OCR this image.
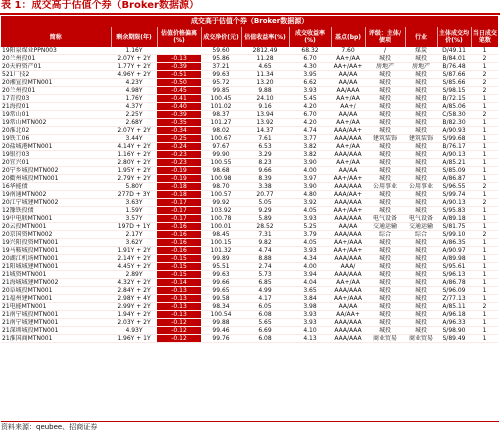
表 1：成交高于估值个券（Broker数据源）
成交高于估值个券（Broker数据源）										
简称	剩余期限(年)	估值价格偏离(%)	成交净价(元)	估值收益率(%)	成交收益率(%)	基点(bp)	评级：主体/债项	行业	主体成交均价(%)	当日成交笔数
19阳泉煤业PPN003	1.16Y		59.60	2812.49	68.32	7.60	/	煤炭	D/49.11	1
20兰州投01	2.07Y + 2Y	-0.13	95.86	11.28	6.70	AA+/AA	城投	城投	B/84.01	2
20天府资产01	1.77Y + 2Y	-0.39	37.21	4.65	4.30	AA+/AA+	房地产	房地产	B/76.48	1
521厂技2	4.96Y + 2Y	-0.51	99.63	11.34	3.95	AA/AA	城投	城投	S/87.66	2
20湘宣投MTN001	4.23Y	-0.50	95.72	13.20	6.62	AA/AA	城投	城投	S/85.66	2
20兰州投01	4.98Y	-0.45	99.85	9.88	3.93	AA/AAA	城投	城投	S/98.15	2
17青投03	1.76Y	-0.41	100.45	24.10	5.45	AA+/AA	城投	城投	B/72.15	1
21海投01	4.37Y	-0.40	101.02	9.16	4.20	AA+/	城投	城投	A/85.06	1
19常山01	2.25Y	-0.39	98.37	13.94	6.70	AA/AA	城投	城投	C/58.30	2
19常山MTN002	2.68Y	-0.35	101.27	13.92	4.20	AA+/AA	城投	城投	B/82.30	1
20淮北02	2.07Y + 2Y	-0.34	98.02	14.37	4.74	AAA/AA+	城投	城投	A/90.93	1
19铁工06	3.44Y	-0.25	100.67	7.61	3.77	AAA/AAA	建筑装饰	建筑装饰	S/99.68	1
20盐城港MTN001	4.14Y + 2Y	-0.24	97.67	6.53	3.82	AA+/AA	城投	城投	B/76.17	1
19银行03	1.16Y + 2Y	-0.23	99.90	3.29	3.82	AAA/AAA	城投	城投	A/90.13	1
20宜兴01	2.80Y + 2Y	-0.23	100.55	8.23	3.90	AA+/AA	城投	城投	A/85.21	1
20宁乡城投MTN002	1.95Y + 2Y	-0.19	98.68	9.66	4.00	AA/AA	城投	城投	S/85.09	1
20衢州城投MTN001	2.79Y + 2Y	-0.19	100.98	8.39	3.97	AA+/AA+	城投	城投	A/86.87	1
16华能债	5.80Y	-0.18	98.70	3.38	3.90	AAA/AAA	公用事业	公用事业	S/96.55	2
19南通MTN002	277D + 3Y	-0.18	100.57	20.77	4.80	AAA/AA+	城投	城投	S/99.74	1
20江宁城建MTN002	3.63Y	-0.17	99.92	5.05	3.92	AAA/AAA	城投	城投	A/90.13	2
12豫铁投债	1.59Y	-0.17	103.92	9.29	4.05	AA+/AA+	城投	城投	S/95.83	1
19中电联MTN001	3.57Y	-0.17	100.78	5.89	3.93	AAA/AAA	电气设备	电气设备	A/89.18	1
20云投MTN001	197D + 1Y	-0.16	100.01	28.52	5.25	AA/AA	交通运输	交通运输	S/81.75	1
20京国资MTN002	2.17Y	-0.16	98.45	7.31	3.79	AAA/AAA	综合	综合	S/99.10	2
19兴阳投资MTN001	3.62Y	-0.16	100.15	9.82	4.05	AA+/AAA	城投	城投	A/86.35	1
19马鞍城投MTN001	1.91Y + 2Y	-0.16	101.32	4.74	3.93	AA+/AA+	城投	城投	A/90.97	1
20湖江机场MTN001	2.14Y + 2Y	-0.15	99.89	8.88	4.34	AAA/AAA	城投	城投	A/89.98	1
21阳城城建MTN001	4.45Y + 2Y	-0.15	95.51	2.74	4.00	AAA/	城投	城投	S/95.61	1
21城资MTN001	2.89Y	-0.15	99.63	5.73	3.94	AAA/AAA	城投	城投	S/96.13	1
21海城城建MTN002	4.32Y + 2Y	-0.14	99.66	6.85	4.04	AA+/AA	城投	城投	A/86.78	1
20阜城投MTN001	2.84Y + 2Y	-0.13	99.65	4.99	3.65	AAA/AAA	城投	城投	S/96.09	1
21福州建MTN001	2.98Y + 4Y	-0.13	99.58	4.17	3.84	AA+/AAA	城投	城投	Z/77.13	1
21电能MTN001	2.99Y + 2Y	-0.13	98.34	6.05	3.98	AA/AA	城投	城投	A/85.11	2
21南宁城投MTN001	1.94Y + 2Y	-0.13	100.54	6.08	3.93	AA/AA+	城投	城投	A/96.18	1
21南宁城建MTN001	2.03Y + 2Y	-0.12	99.88	5.65	3.93	AAA/AAA	城投	城投	A/96.33	1
21深圳城投MTN001	4.93Y	-0.12	99.46	6.69	4.10	AAA/AAA	城投	城投	S/98.90	1
21淮国商MTN001	1.96Y + 1Y	-0.12	99.76	6.08	4.13	AAA/AAA	商业贸易	商业贸易	S/89.49	1
资料来源：qeubee、招商证券
